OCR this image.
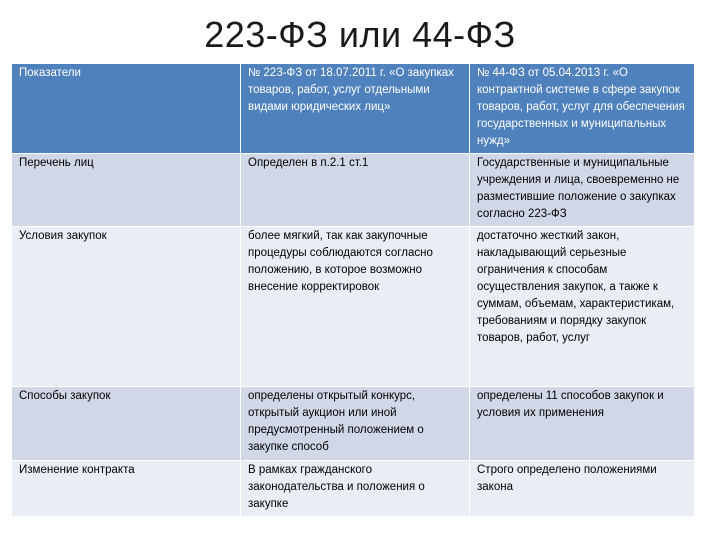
223-ФЗ или 44-ФЗ
Показатели	№ 223-ФЗ от 18.07.2011 г. «О закупках товаров, работ, услуг отдельными видами юридических лиц»	№ 44-ФЗ от 05.04.2013 г. «О контрактной системе в сфере закупок товаров, работ, услуг для обеспечения государственных и муниципальных нужд»
Перечень лиц	Определен в п.2.1 ст.1	Государственные и муниципальные учреждения и лица, своевременно не разместившие положение о закупках согласно 223-ФЗ
Условия закупок	более мягкий, так как закупочные процедуры соблюдаются согласно положению, в которое возможно внесение корректировок	достаточно жесткий закон, накладывающий серьезные ограничения к способам осуществления закупок, а также к суммам, объемам, характеристикам, требованиям и порядку закупок товаров, работ, услуг
Способы закупок	определены открытый конкурс, открытый аукцион или иной предусмотренный положением о закупке способ	определены 11 способов закупок и условия их применения
Изменение контракта	В рамках гражданского законодательства и положения о закупке	Строго определено положениями закона
